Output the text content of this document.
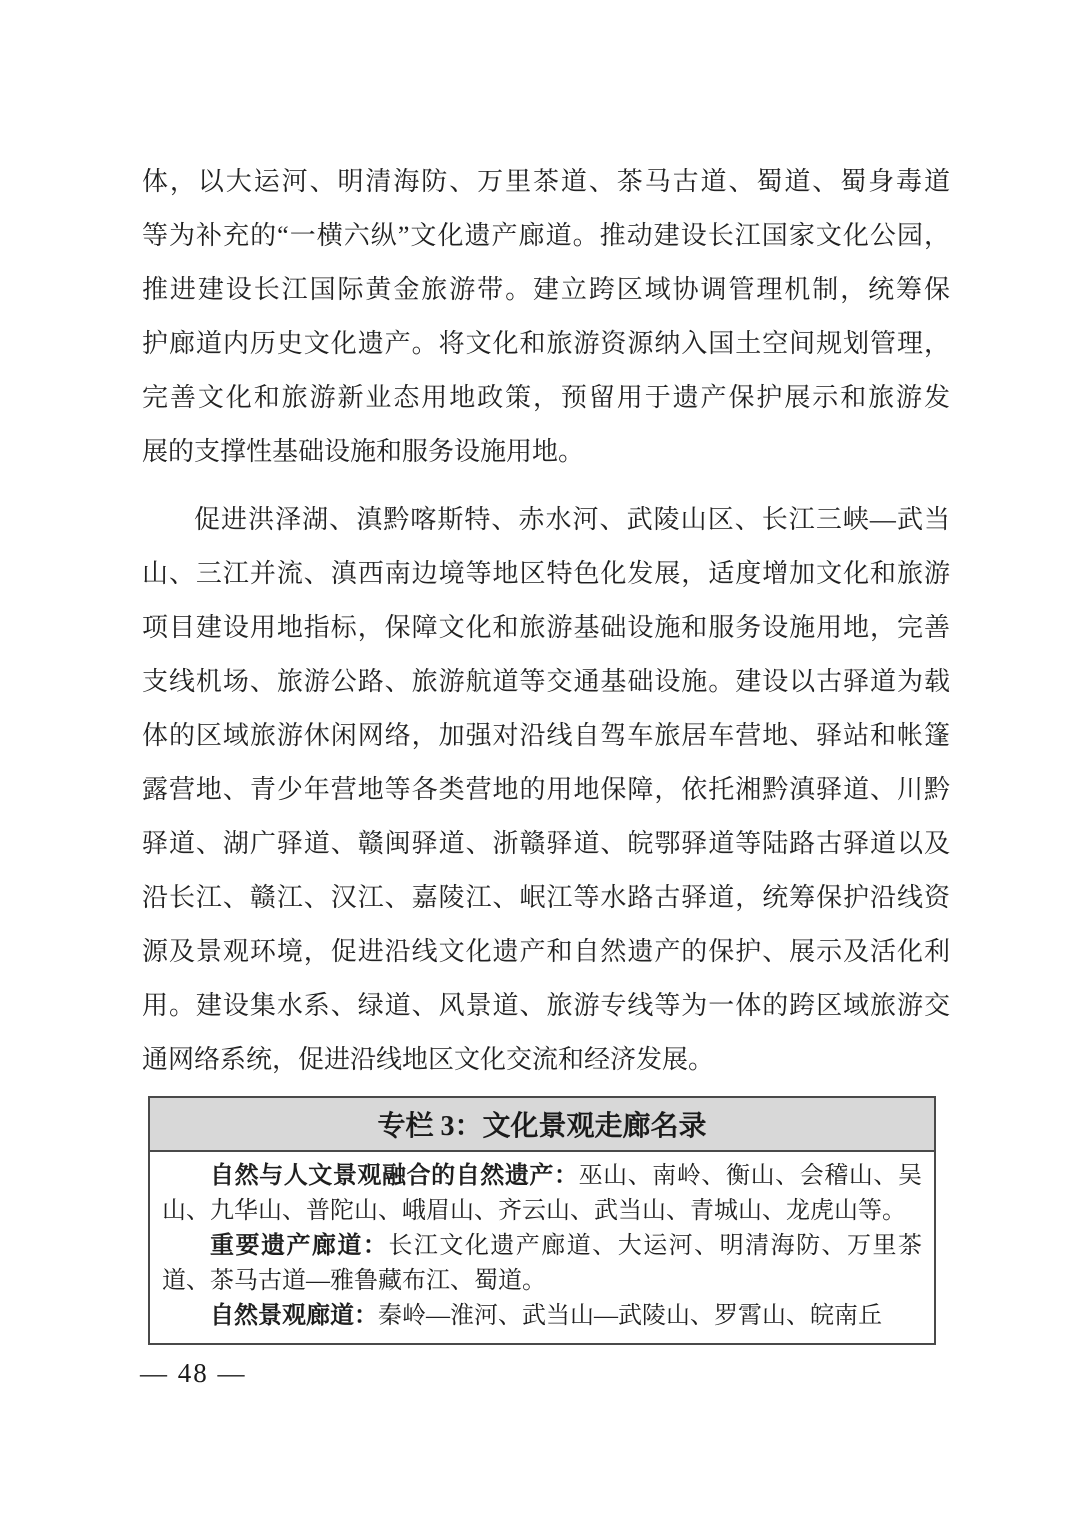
体，以大运河、明清海防、万里茶道、茶马古道、蜀道、蜀身毒道
等为补充的“一横六纵”文化遗产廊道。推动建设长江国家文化公园，
推进建设长江国际黄金旅游带。建立跨区域协调管理机制，统筹保
护廊道内历史文化遗产。将文化和旅游资源纳入国土空间规划管理，
完善文化和旅游新业态用地政策，预留用于遗产保护展示和旅游发
展的支撑性基础设施和服务设施用地。
促进洪泽湖、滇黔喀斯特、赤水河、武陵山区、长江三峡—武当
山、三江并流、滇西南边境等地区特色化发展，适度增加文化和旅游
项目建设用地指标，保障文化和旅游基础设施和服务设施用地，完善
支线机场、旅游公路、旅游航道等交通基础设施。建设以古驿道为载
体的区域旅游休闲网络，加强对沿线自驾车旅居车营地、驿站和帐篷
露营地、青少年营地等各类营地的用地保障，依托湘黔滇驿道、川黔
驿道、湖广驿道、赣闽驿道、浙赣驿道、皖鄂驿道等陆路古驿道以及
沿长江、赣江、汉江、嘉陵江、岷江等水路古驿道，统筹保护沿线资
源及景观环境，促进沿线文化遗产和自然遗产的保护、展示及活化利
用。建设集水系、绿道、风景道、旅游专线等为一体的跨区域旅游交
通网络系统，促进沿线地区文化交流和经济发展。
专栏 3：文化景观走廊名录
自然与人文景观融合的自然遗产：巫山、南岭、衡山、会稽山、吴山、九华山、普陀山、峨眉山、齐云山、武当山、青城山、龙虎山等。
重要遗产廊道：长江文化遗产廊道、大运河、明清海防、万里茶道、茶马古道—雅鲁藏布江、蜀道。
自然景观廊道：秦岭—淮河、武当山—武陵山、罗霄山、皖南丘
— 48 —
